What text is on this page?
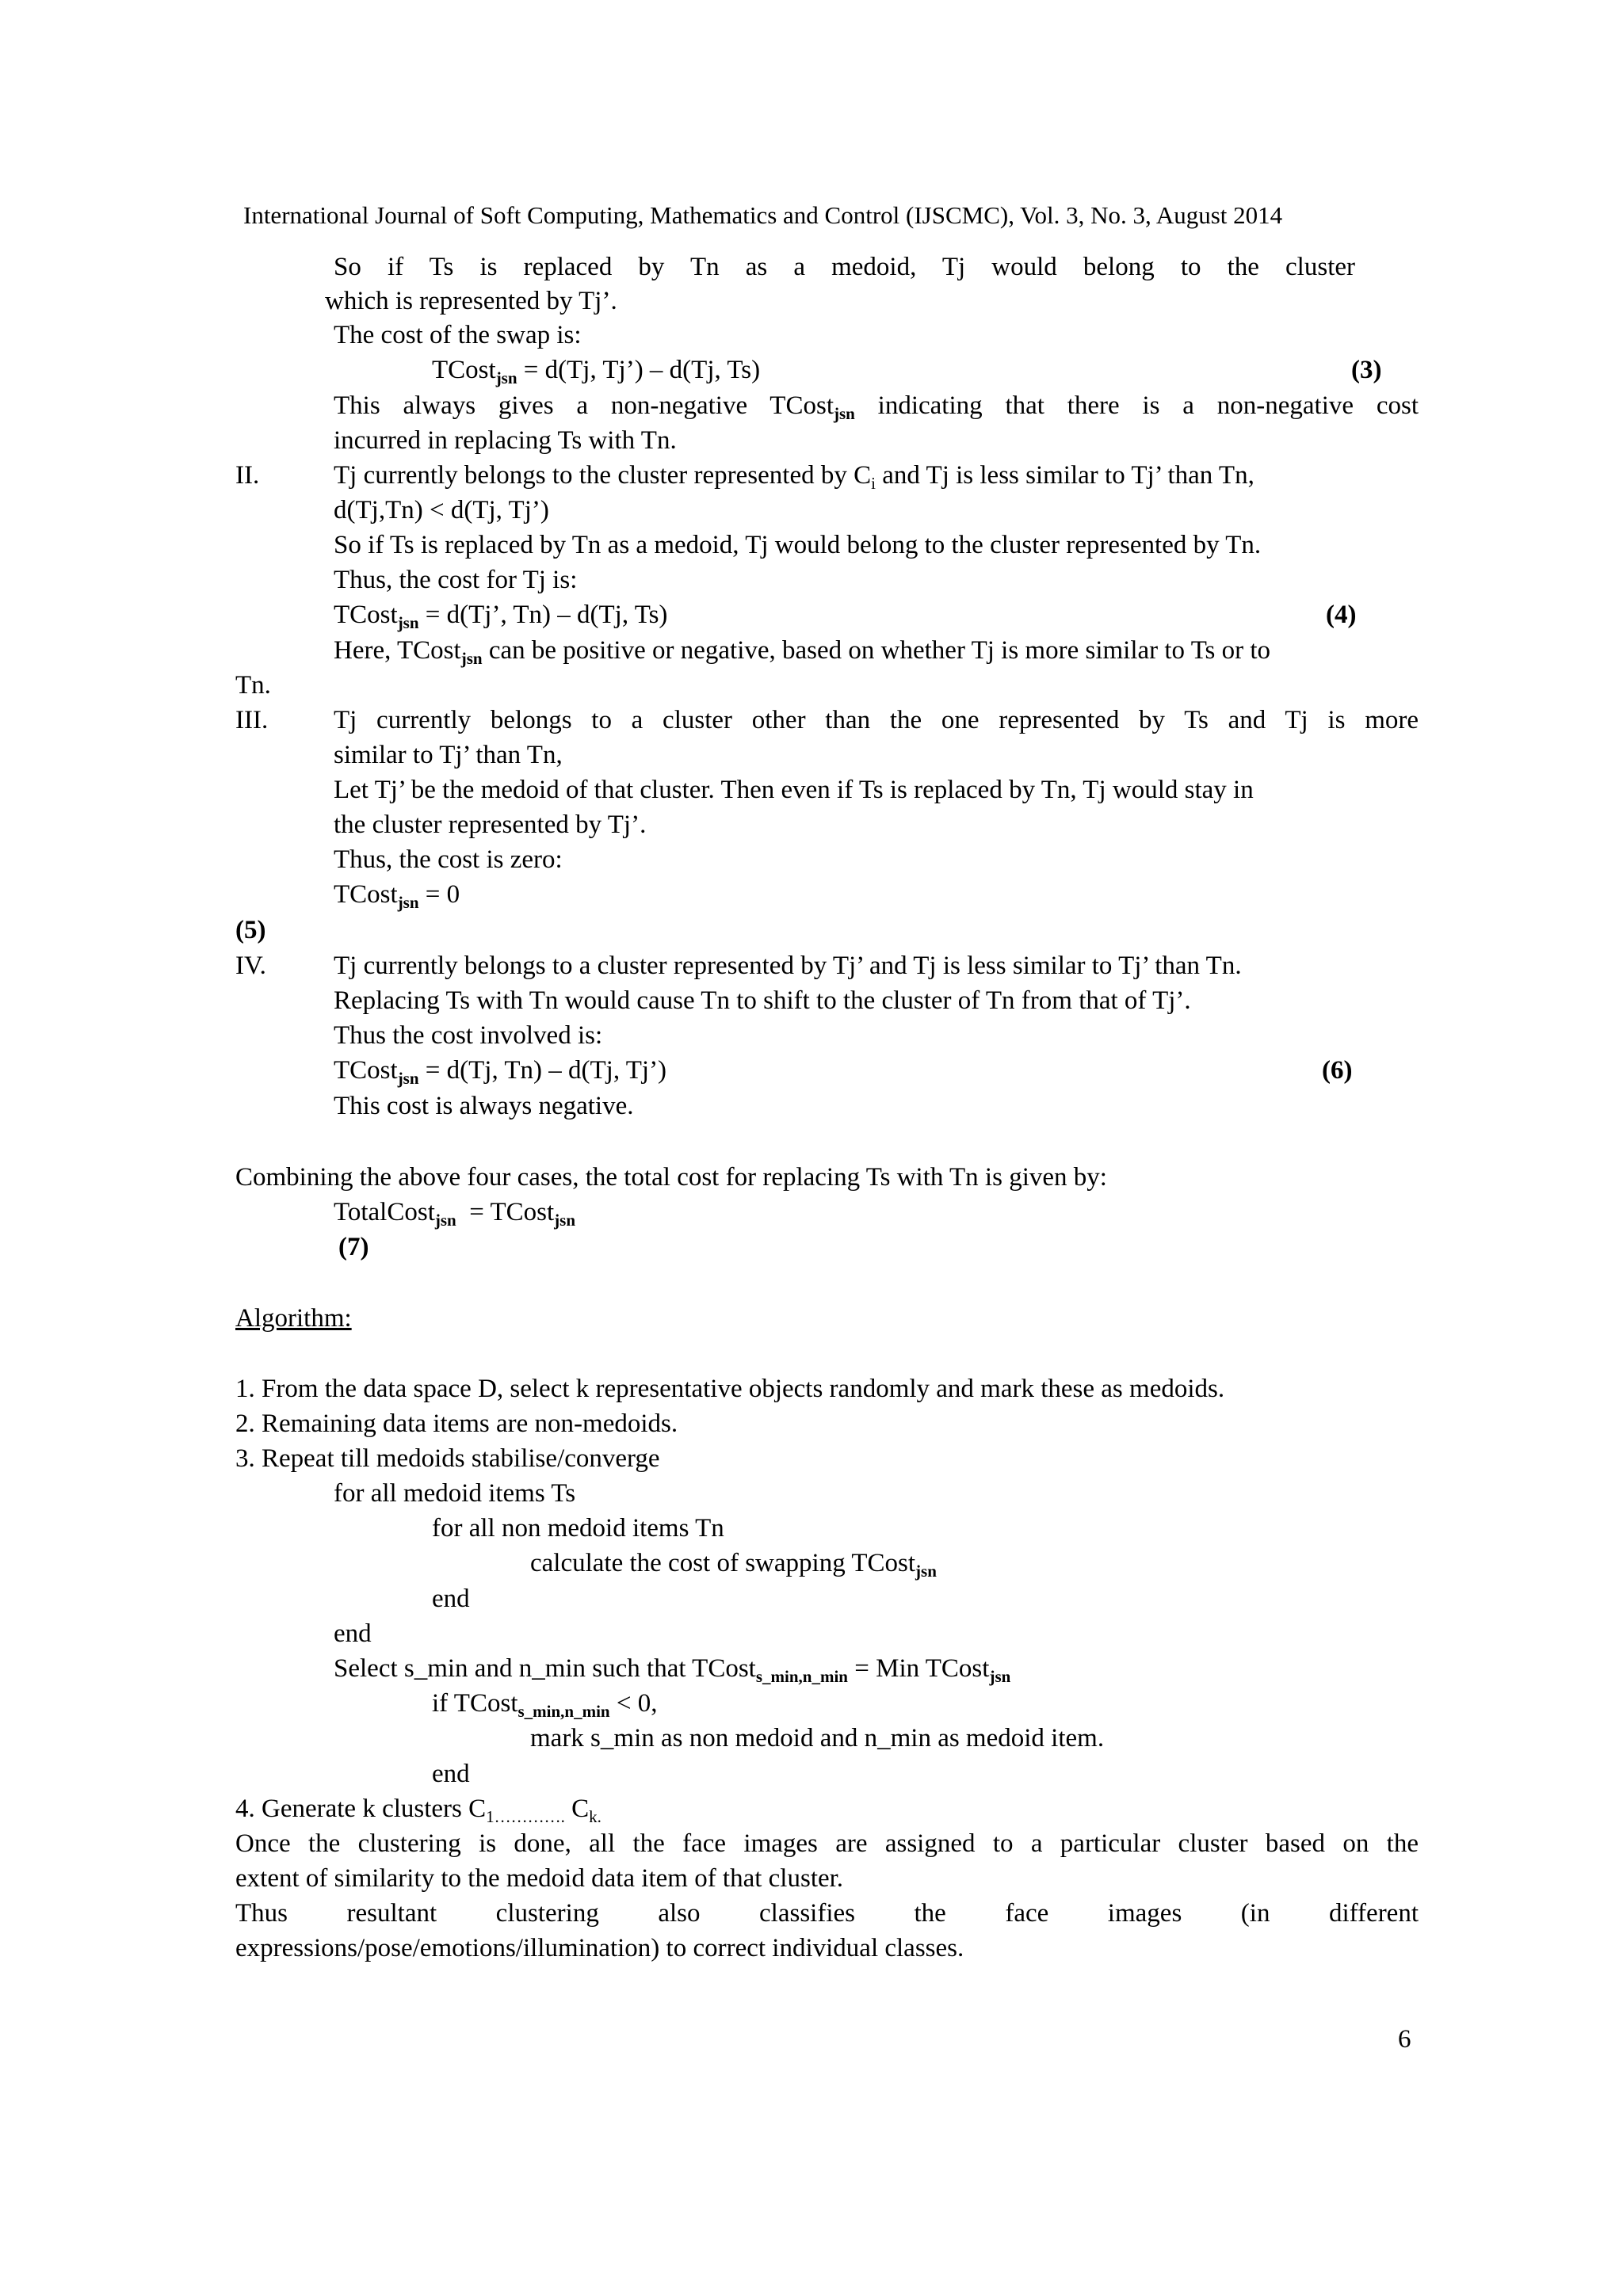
International Journal of Soft Computing, Mathematics and Control (IJSCMC), Vol. 3, No. 3, August 2014
So if Ts is replaced by Tn as a medoid, Tj would belong to the cluster
which is represented by Tj’.
The cost of the swap is:
TCost$_{jsn}$ = d(Tj, Tj’) – d(Tj, Ts)	(3)
This always gives a non-negative TCost$_{jsn}$ indicating that there is a non-negative cost
incurred in replacing Ts with Tn.
II.	Tj currently belongs to the cluster represented by $C_i$ and Tj is less similar to Tj’ than Tn,
d(Tj,Tn) < d(Tj, Tj’)
So if Ts is replaced by Tn as a medoid, Tj would belong to the cluster represented by Tn.
Thus, the cost for Tj is:
TCost$_{jsn}$ = d(Tj’, Tn) – d(Tj, Ts)	(4)
Here, TCost$_{jsn}$ can be positive or negative, based on whether Tj is more similar to Ts or to
Tn.
III.	Tj currently belongs to a cluster other than the one represented by Ts and Tj is more
similar to Tj’ than Tn,
Let Tj’ be the medoid of that cluster. Then even if Ts is replaced by Tn, Tj would stay in
the cluster represented by Tj’.
Thus, the cost is zero:
TCost$_{jsn}$ = 0
(5)
IV.	Tj currently belongs to a cluster represented by Tj’ and Tj is less similar to Tj’ than Tn.
Replacing Ts with Tn would cause Tn to shift to the cluster of Tn from that of Tj’.
Thus the cost involved is:
TCost$_{jsn}$ = d(Tj, Tn) – d(Tj, Tj’)	(6)
This cost is always negative.
Combining the above four cases, the total cost for replacing Ts with Tn is given by:
TotalCost$_{jsn}$  = TCost$_{jsn}$
(7)
Algorithm:
1. From the data space D, select k representative objects randomly and mark these as medoids.
2. Remaining data items are non-medoids.
3. Repeat till medoids stabilise/converge
for all medoid items Ts
for all non medoid items Tn
calculate the cost of swapping TCost$_{jsn}$
end
end
Select s_min and n_min such that TCost$_{s\_min,n\_min}$ = Min TCost$_{jsn}$
if TCost$_{s\_min,n\_min}$ < 0,
mark s_min as non medoid and n_min as medoid item.
end
4. Generate k clusters $C_{1\dots\dots\dots\dots.}$ $C_{k.}$
Once the clustering is done, all the face images are assigned to a particular cluster based on the
extent of similarity to the medoid data item of that cluster.
Thus resultant clustering also classifies the face images (in different
expressions/pose/emotions/illumination) to correct individual classes.
6
